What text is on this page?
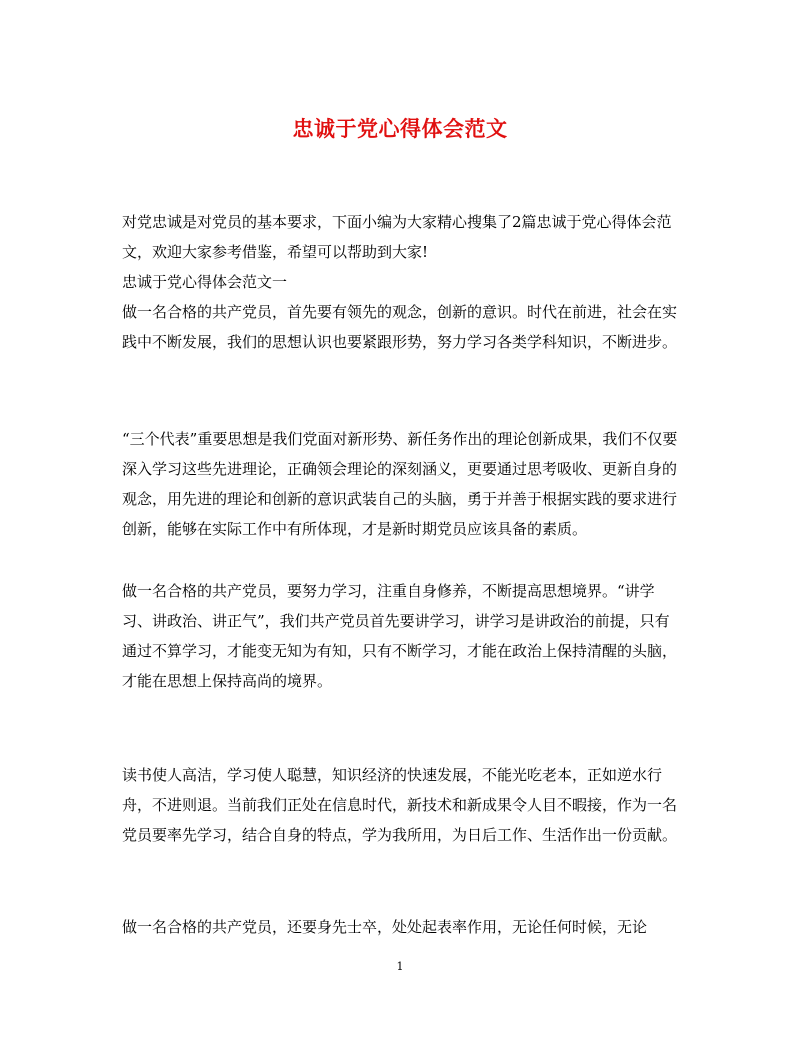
忠诚于党心得体会范文

对党忠诚是对党员的基本要求，下面小编为大家精心搜集了2篇忠诚于党心得体会范文，欢迎大家参考借鉴，希望可以帮助到大家!

忠诚于党心得体会范文一

做一名合格的共产党员，首先要有领先的观念，创新的意识。时代在前进，社会在实践中不断发展，我们的思想认识也要紧跟形势，努力学习各类学科知识，不断进步。

“三个代表”重要思想是我们党面对新形势、新任务作出的理论创新成果，我们不仅要深入学习这些先进理论，正确领会理论的深刻涵义，更要通过思考吸收、更新自身的观念，用先进的理论和创新的意识武装自己的头脑，勇于并善于根据实践的要求进行创新，能够在实际工作中有所体现，才是新时期党员应该具备的素质。

做一名合格的共产党员，要努力学习，注重自身修养，不断提高思想境界。“讲学习、讲政治、讲正气”，我们共产党员首先要讲学习，讲学习是讲政治的前提，只有通过不算学习，才能变无知为有知，只有不断学习，才能在政治上保持清醒的头脑，才能在思想上保持高尚的境界。

读书使人高洁，学习使人聪慧，知识经济的快速发展，不能光吃老本，正如逆水行舟，不进则退。当前我们正处在信息时代，新技术和新成果令人目不暇接，作为一名党员要率先学习，结合自身的特点，学为我所用，为日后工作、生活作出一份贡献。

做一名合格的共产党员，还要身先士卒，处处起表率作用，无论任何时候，无论

1
